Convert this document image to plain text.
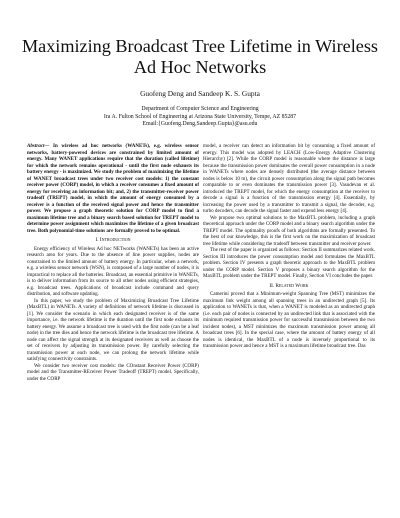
Maximizing Broadcast Tree Lifetime in Wireless Ad Hoc Networks
Guofeng Deng and Sandeep K. S. Gupta
Department of Computer Science and Engineering
Ira A. Fulton School of Engineering at Arizona State University, Tempe, AZ 85287
Email:{Guofeng.Deng,Sandeep.Gupta}@asu.edu

Abstract— In wireless ad hoc networks (WANETs), e.g. wireless sensor networks, battery-powered devices are constrained by limited amount of energy. Many WANET applications require that the duration (called lifetime) for which the network remains operational - until the first node exhausts its battery energy - is maximized. We study the problem of maximizing the lifetime of WANET broadcast trees under two receiver cost models: 1) the constant receiver power (CORP) model, in which a receiver consumes a fixed amount of energy for receiving an information bit; and, 2) the transmitter-receiver power tradeoff (TREPT) model, in which the amount of energy consumed by a receiver is a function of the received signal power and hence the transmitter power. We propose a graph theoretic solution for CORP model to find a maximum lifetime tree and a binary search based solution for TREPT model to determine power assignment which maximizes the lifetime of a given broadcast tree. Both polynomial-time solutions are formally proved to be optimal.

I. Introduction

Energy efficiency of Wireless Ad hoc NETworks (WANETs) has been an active research area for years. Due to the absence of line power supplies, nodes are constrained to the limited amount of battery energy. In particular, when a network, e.g. a wireless sensor network (WSN), is composed of a large number of nodes, it is impractical to replace all the batteries. Broadcast, an essential primitive in WANETs, is to deliver information from its source to all other nodes using efficient strategies, e.g. broadcast trees. Applications of broadcast include command and query distribution, and software updating.

In this paper, we study the problem of Maximizing Broadcast Tree Lifetime (MaxBTL) in WANETs. A variety of definitions of network lifetime is discussed in [1]. We consider the scenario in which each designated receiver is of the same importance, i.e. the network lifetime is the duration until the first node exhausts its battery energy. We assume a broadcast tree is used with the first node (can be a leaf node) in the tree dies and hence the network lifetime is the broadcast tree lifetime. A node can affect the signal strength at its designated receivers as well as choose the set of receivers by adjusting its transmission power. By carefully selecting the transmission power at each node, we can prolong the network lifetime while satisfying connectivity constraints.

We consider two receiver cost models: the COnstant Receiver Power (CORP) model and the Transmitter-REceiver Power Tradeoff (TREPT) model. Specifically, under the CORP

model, a receiver can detect an information bit by consuming a fixed amount of energy. This model was adopted by LEACH (Low-Energy Adaptive Clustering Hierarchy) [2]. While the CORP model is reasonable where the distance is large because the transmission power dominates the overall power consumption in a node in WANETs where nodes are densely distributed (the average distance between nodes is below 10 m), the circuit power consumption along the signal path becomes comparable to or even dominates the transmission power [3]. Vasudevan et al. introduced the TREPT model, for which the energy consumption at the receiver to decode a signal is a function of the transmission energy [4]. Essentially, by increasing the power used by a transmitter to transmit a signal, the decoder, e.g. turbo decoders, can decode the signal faster and expend less energy [4].

We propose two optimal solutions to the MaxBTL problem, including a graph theoretical approach under the CORP model and a binary search algorithm under the TREPT model. The optimality proofs of both algorithms are formally presented. To the best of our knowledge, this is the first work on the maximization of broadcast tree lifetime while considering the tradeoff between transmitter and receiver power.

The rest of the paper is organized as follows: Section II summarizes related work. Section III introduces the power consumption model and formulates the MaxBTL problem. Section IV presents a graph theoretic approach to the MaxBTL problem under the CORP model. Section V proposes a binary search algorithm for the MaxBTL problem under the TREPT model. Finally, Section VI concludes the paper.

II. Related Work

Camerini proved that a Minimum-weight Spanning Tree (MST) minimizes the maximum link weight among all spanning trees in an undirected graph [5]. Its application to WANETs is that, when a WANET is modeled as an undirected graph (i.e. each pair of nodes is connected by an undirected link that is associated with the minimum required transmission power for successful transmission between the two incident nodes), a MST minimizes the maximum transmission power among all broadcast trees [6]. In the special case, where the amount of battery energy of all nodes is identical, the MaxBTL of a node is inversely proportional to its transmission power and hence a MST is a maximum lifetime broadcast tree. Das
